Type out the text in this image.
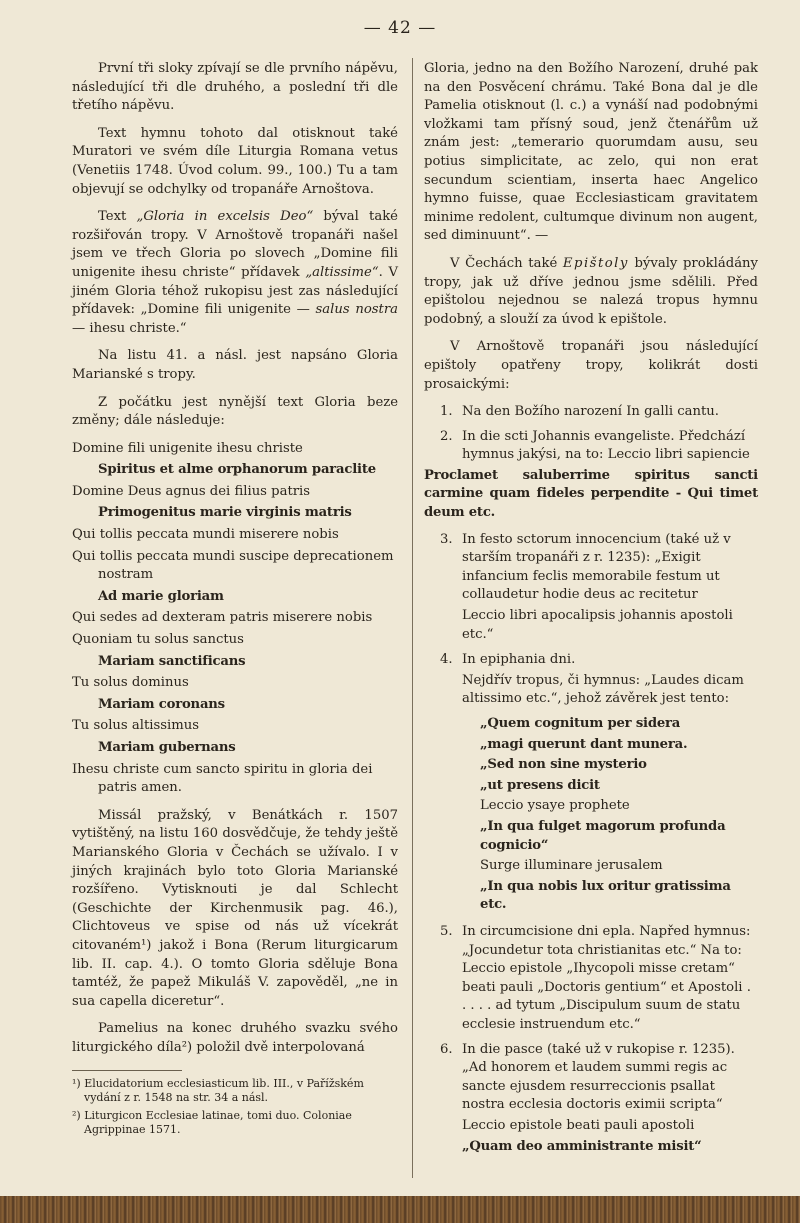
— 42 —

První tři sloky zpívají se dle prvního nápěvu, následující tři dle druhého, a poslední tři dle třetího nápěvu.

Text hymnu tohoto dal otisknout také Muratori ve svém díle Liturgia Romana vetus (Venetiis 1748. Úvod colum. 99., 100.) Tu a tam objevují se odchylky od tropanáře Arnoštova.

Text „Gloria in excelsis Deo“ býval také rozšiřován tropy. V Arnoštově tropanáři našel jsem ve třech Gloria po slovech „Domine fili unigenite ihesu christe“ přídavek „altissime“. V jiném Gloria téhož rukopisu jest zas následující přídavek: „Domine fili unigenite — salus nostra — ihesu christe.“

Na listu 41. a násl. jest napsáno Gloria Marianské s tropy.

Z počátku jest nynější text Gloria beze změny; dále následuje:

Domine fili unigenite ihesu christe
Spiritus et alme orphanorum paraclite
Domine Deus agnus dei filius patris
Primogenitus marie virginis matris
Qui tollis peccata mundi miserere nobis
Qui tollis peccata mundi suscipe deprecationem nostram
Ad marie gloriam
Qui sedes ad dexteram patris miserere nobis
Quoniam tu solus sanctus
Mariam sanctificans
Tu solus dominus
Mariam coronans
Tu solus altissimus
Mariam gubernans
Ihesu christe cum sancto spiritu in gloria dei patris amen.

Missál pražský, v Benátkách r. 1507 vytištěný, na listu 160 dosvědčuje, že tehdy ještě Marianského Gloria v Čechách se užívalo. I v jiných krajinách bylo toto Gloria Marianské rozšířeno. Vytisknouti je dal Schlecht (Geschichte der Kirchenmusik pag. 46.), Clichtoveus ve spise od nás už vícekrát citovaném¹) jakož i Bona (Rerum liturgicarum lib. II. cap. 4.). O tomto Gloria sděluje Bona tamtéž, že papež Mikuláš V. zapověděl, „ne in sua capella diceretur“.

Pamelius na konec druhého svazku svého liturgického díla²) položil dvě interpolovaná

¹) Elucidatorium ecclesiasticum lib. III., v Pařížském vydání z r. 1548 na str. 34 a násl.
²) Liturgicon Ecclesiae latinae, tomi duo. Coloniae Agrippinae 1571.

Gloria, jedno na den Božího Narození, druhé pak na den Posvěcení chrámu. Také Bona dal je dle Pamelia otisknout (l. c.) a vynáší nad podobnými vložkami tam přísný soud, jenž čtenářům už znám jest: „temerario quorumdam ausu, seu potius simplicitate, ac zelo, qui non erat secundum scientiam, inserta haec Angelico hymno fuisse, quae Ecclesiasticam gravitatem minime redolent, cultumque divinum non augent, sed diminuunt“. —

V Čechách také Epištoly bývaly prokládány tropy, jak už dříve jednou jsme sdělili. Před epištolou nejednou se nalezá tropus hymnu podobný, a slouží za úvod k epištole.

V Arnoštově tropanáři jsou následující epištoly opatřeny tropy, kolikrát dosti prosaickými:

1. Na den Božího narození In galli cantu.
2. In die scti Johannis evangeliste. Předchází hymnus jakýsi, na to: Leccio libri sapiencie
Proclamet saluberrime spiritus sancti carmine quam fideles perpendite - Qui timet deum etc.
3. In festo sctorum innocencium (také už v starším tropanáři z r. 1235): „Exigit infancium feclis memorabile festum ut collaudetur hodie deus ac recitetur
Leccio libri apocalipsis johannis apostoli etc.“
4. In epiphania dni.
Nejdřív tropus, či hymnus: „Laudes dicam altissimo etc.“, jehož závěrek jest tento:
„Quem cognitum per sidera
„magi querunt dant munera.
„Sed non sine mysterio
„ut presens dicit
Leccio ysaye prophete
„In qua fulget magorum profunda cognicio“
Surge illuminare jerusalem
„In qua nobis lux oritur gratissima etc.
5. In circumcisione dni epla. Napřed hymnus: „Jocundetur tota christianitas etc.“ Na to: Leccio epistole „Ihycopoli misse cretam“ beati pauli „Doctoris gentium“ et Apostoli . . . . . ad tytum „Discipulum suum de statu ecclesie instruendum etc.“
6. In die pasce (také už v rukopise r. 1235). „Ad honorem et laudem summi regis ac sancte ejusdem resurreccionis psallat nostra ecclesia doctoris eximii scripta“
Leccio epistole beati pauli apostoli
„Quam deo amministrante misit“
